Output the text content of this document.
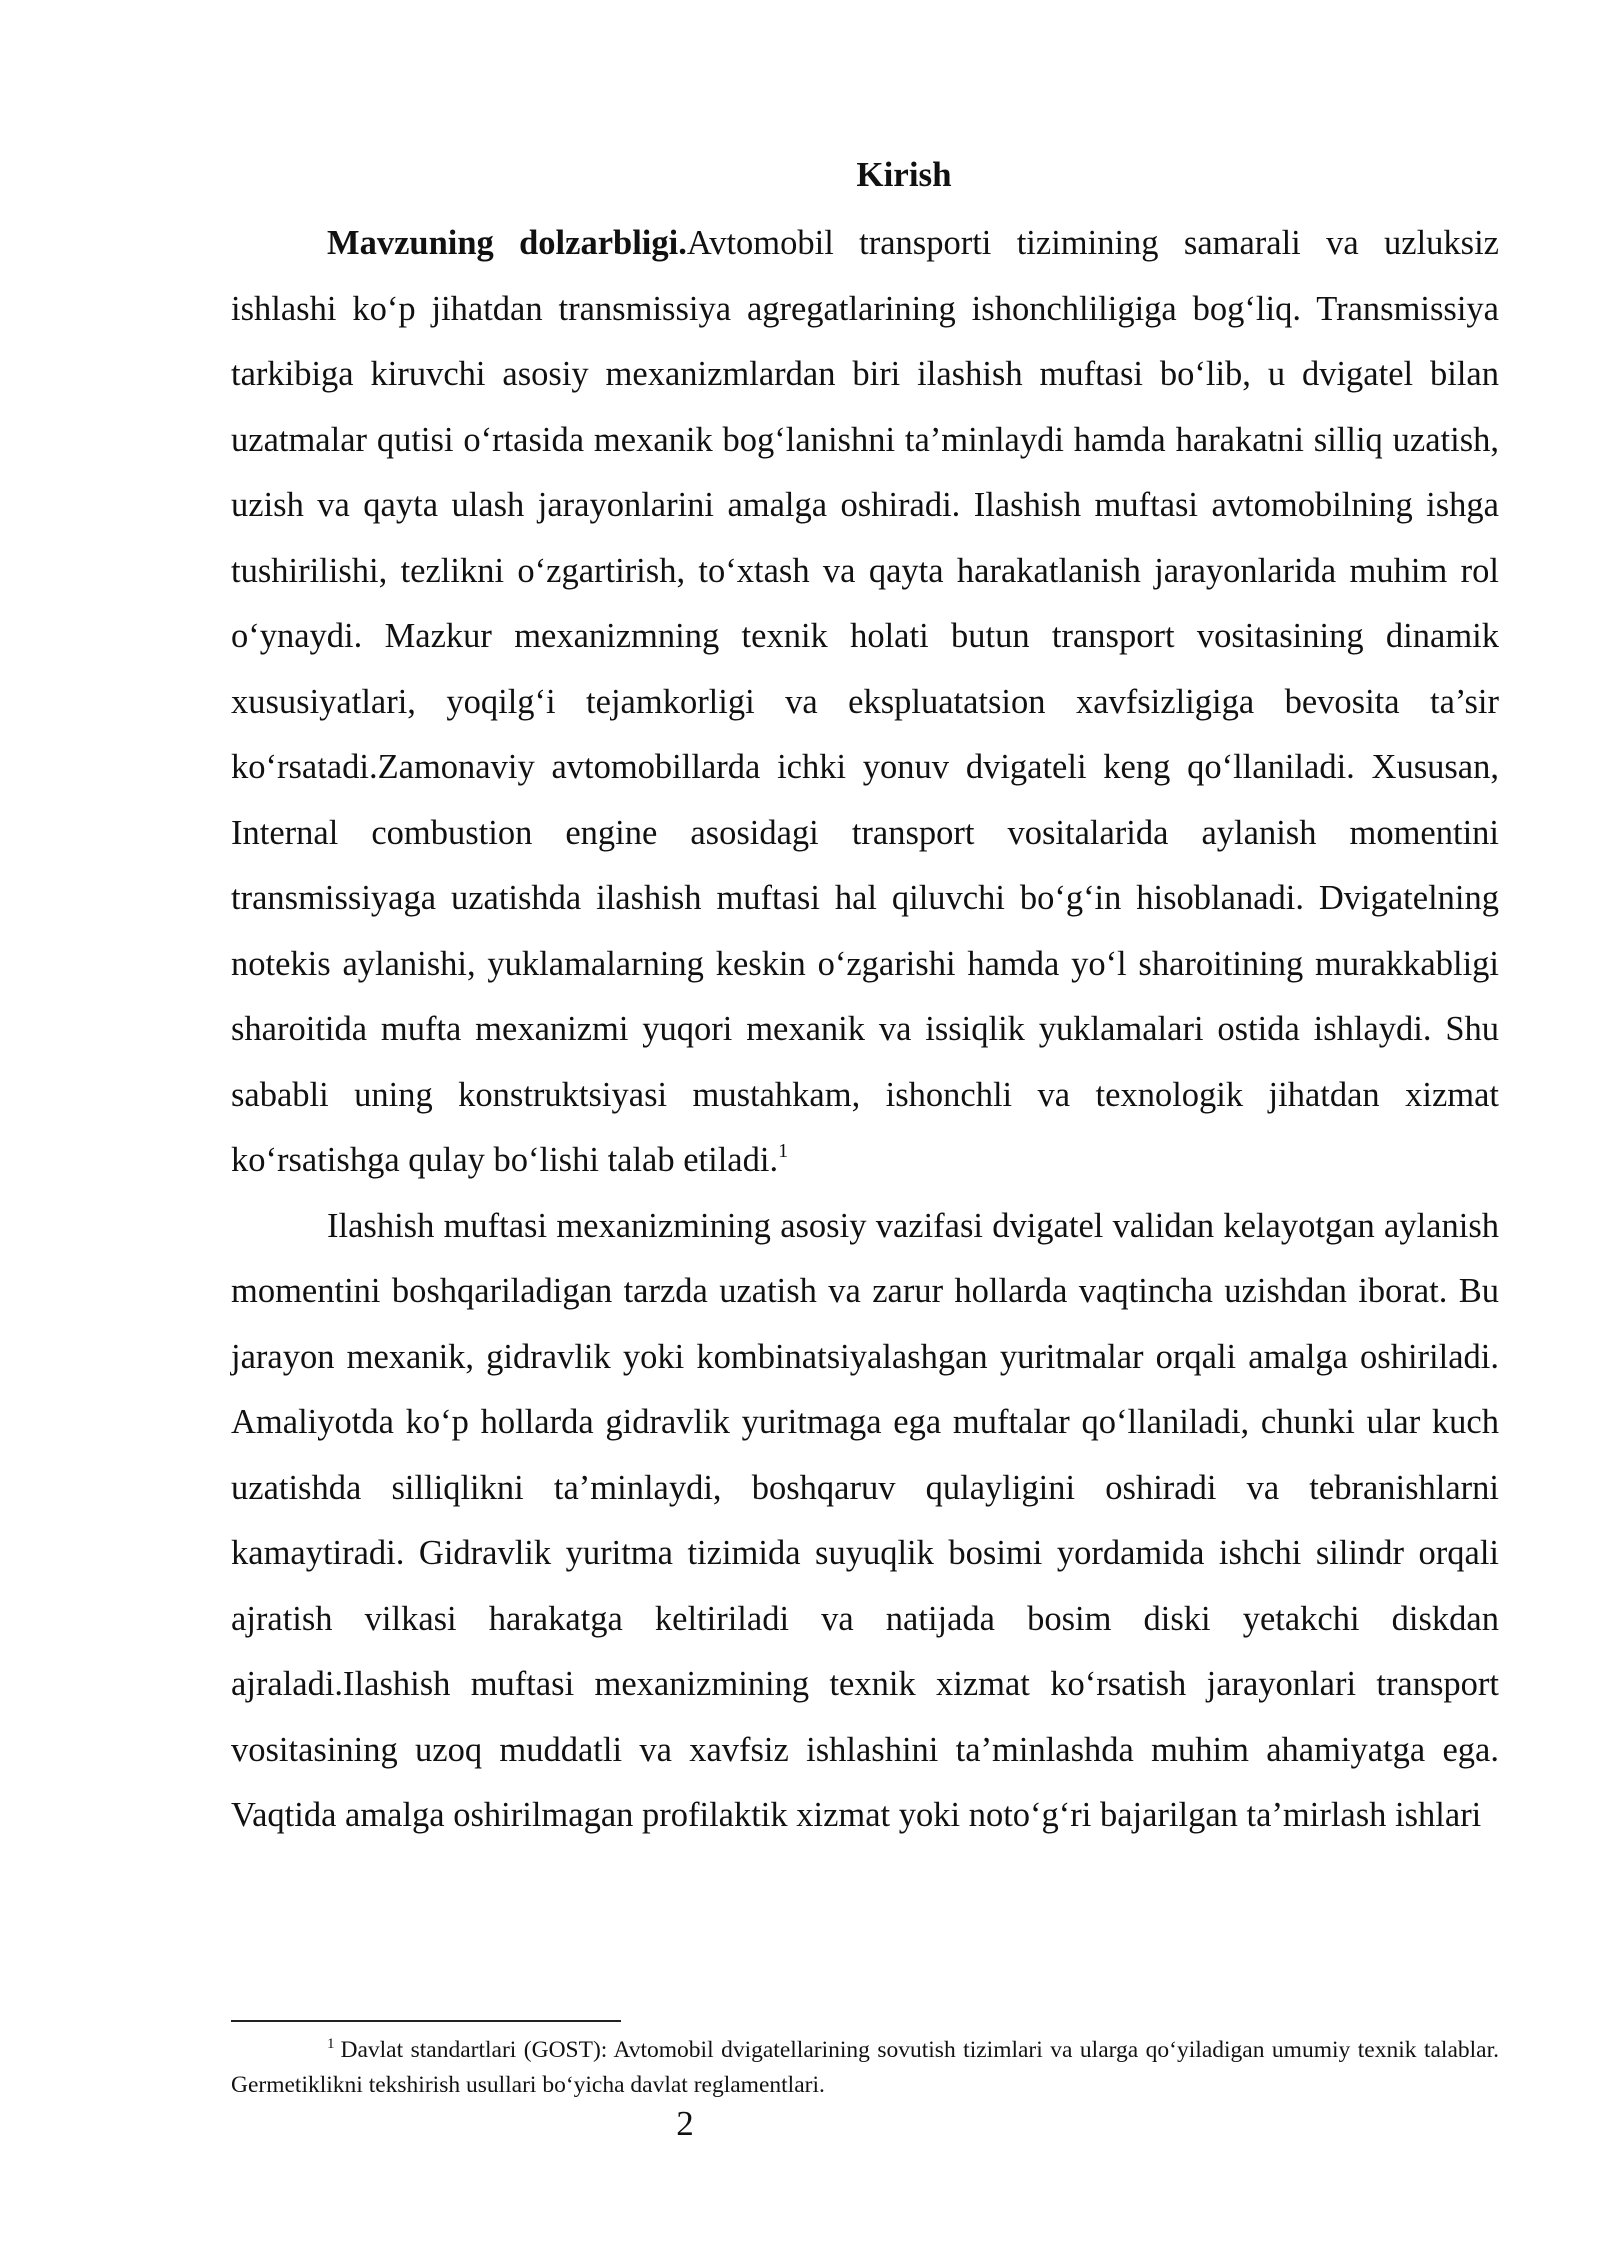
Kirish

Mavzuning dolzarbligi.Avtomobil transporti tizimining samarali va uzluksiz ishlashi ko‘p jihatdan transmissiya agregatlarining ishonchliligiga bog‘liq. Transmissiya tarkibiga kiruvchi asosiy mexanizmlardan biri ilashish muftasi bo‘lib, u dvigatel bilan uzatmalar qutisi o‘rtasida mexanik bog‘lanishni ta’minlaydi hamda harakatni silliq uzatish, uzish va qayta ulash jarayonlarini amalga oshiradi. Ilashish muftasi avtomobilning ishga tushirilishi, tezlikni o‘zgartirish, to‘xtash va qayta harakatlanish jarayonlarida muhim rol o‘ynaydi. Mazkur mexanizmning texnik holati butun transport vositasining dinamik xususiyatlari, yoqilg‘i tejamkorligi va ekspluatatsion xavfsizligiga bevosita ta’sir ko‘rsatadi.Zamonaviy avtomobillarda ichki yonuv dvigateli keng qo‘llaniladi. Xususan, Internal combustion engine asosidagi transport vositalarida aylanish momentini transmissiyaga uzatishda ilashish muftasi hal qiluvchi bo‘g‘in hisoblanadi. Dvigatelning notekis aylanishi, yuklamalarning keskin o‘zgarishi hamda yo‘l sharoitining murakkabligi sharoitida mufta mexanizmi yuqori mexanik va issiqlik yuklamalari ostida ishlaydi. Shu sababli uning konstruktsiyasi mustahkam, ishonchli va texnologik jihatdan xizmat ko‘rsatishga qulay bo‘lishi talab etiladi.$^1$

Ilashish muftasi mexanizmining asosiy vazifasi dvigatel validan kelayotgan aylanish momentini boshqariladigan tarzda uzatish va zarur hollarda vaqtincha uzishdan iborat. Bu jarayon mexanik, gidravlik yoki kombinatsiyalashgan yuritmalar orqali amalga oshiriladi. Amaliyotda ko‘p hollarda gidravlik yuritmaga ega muftalar qo‘llaniladi, chunki ular kuch uzatishda silliqlikni ta’minlaydi, boshqaruv qulayligini oshiradi va tebranishlarni kamaytiradi. Gidravlik yuritma tizimida suyuqlik bosimi yordamida ishchi silindr orqali ajratish vilkasi harakatga keltiriladi va natijada bosim diski yetakchi diskdan ajraladi.Ilashish muftasi mexanizmining texnik xizmat ko‘rsatish jarayonlari transport vositasining uzoq muddatli va xavfsiz ishlashini ta’minlashda muhim ahamiyatga ega. Vaqtida amalga oshirilmagan profilaktik xizmat yoki noto‘g‘ri bajarilgan ta’mirlash ishlari

$^1$ Davlat standartlari (GOST): Avtomobil dvigatellarining sovutish tizimlari va ularga qo‘yiladigan umumiy texnik talablar. Germetiklikni tekshirish usullari bo‘yicha davlat reglamentlari.

2
